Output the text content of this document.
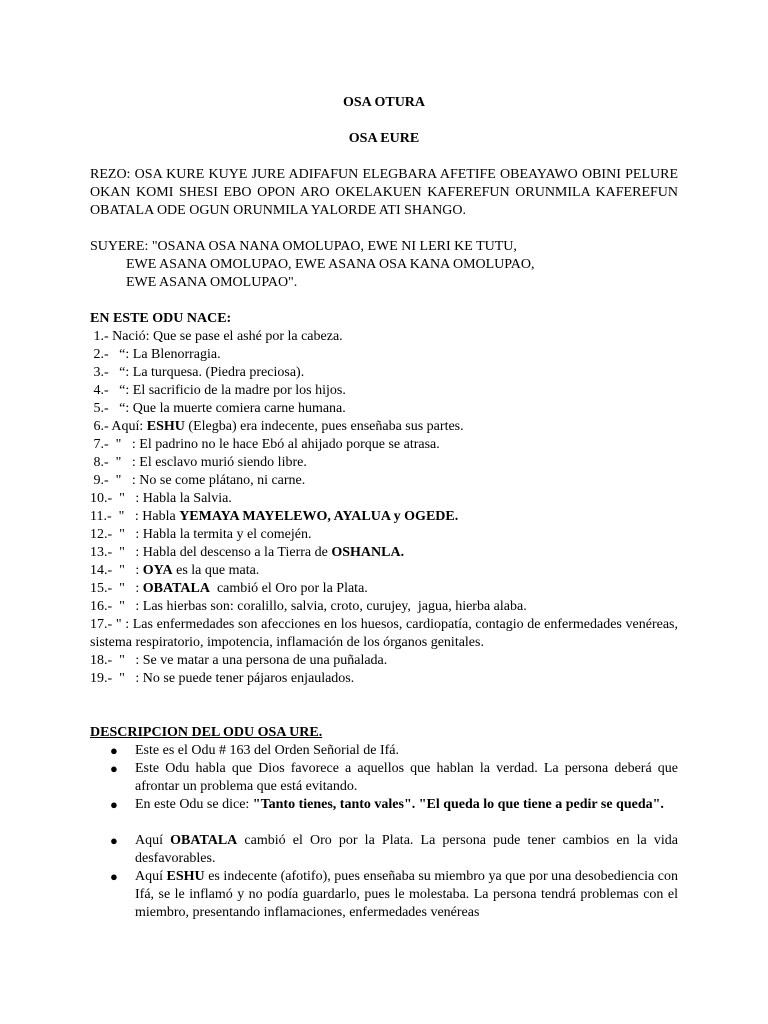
OSA OTURA
OSA EURE
REZO: OSA KURE KUYE JURE ADIFAFUN ELEGBARA AFETIFE OBEAYAWO OBINI PELURE OKAN KOMI SHESI EBO OPON ARO OKELAKUEN KAFEREFUN ORUNMILA KAFEREFUN OBATALA ODE OGUN ORUNMILA YALORDE ATI SHANGO.
SUYERE: "OSANA OSA NANA OMOLUPAO, EWE NI LERI KE TUTU,
EWE ASANA OMOLUPAO, EWE ASANA OSA KANA OMOLUPAO,
EWE ASANA OMOLUPAO".
EN ESTE ODU NACE:
1.- Nació: Que se pase el ashé por la cabeza.
2.-   “: La Blenorragia.
3.-   “: La turquesa. (Piedra preciosa).
4.-   “: El sacrificio de la madre por los hijos.
5.-   “: Que la muerte comiera carne humana.
6.- Aquí: ESHU (Elegba) era indecente, pues enseñaba sus partes.
7.-  "   : El padrino no le hace Ebó al ahijado porque se atrasa.
8.-  "   : El esclavo murió siendo libre.
9.-  "   : No se come plátano, ni carne.
10.-  "   : Habla la Salvia.
11.-  "   : Habla YEMAYA MAYELEWO, AYALUA y OGEDE.
12.-  "   : Habla la termita y el comején.
13.-  "   : Habla del descenso a la Tierra de OSHANLA.
14.-  "   : OYA es la que mata.
15.-  "   : OBATALA  cambió el Oro por la Plata.
16.-  "   : Las hierbas son: coralillo, salvia, croto, curujey,  jagua, hierba alaba.
17.- " : Las enfermedades son afecciones en los huesos, cardiopatía, contagio de enfermedades venéreas, sistema respiratorio, impotencia, inflamación de los órganos genitales.
18.-  "   : Se ve matar a una persona de una puñalada.
19.-  "   : No se puede tener pájaros enjaulados.
DESCRIPCION DEL ODU OSA URE.
● Este es el Odu # 163 del Orden Señorial de Ifá.
● Este Odu habla que Dios favorece a aquellos que hablan la verdad. La persona deberá que afrontar un problema que está evitando.
● En este Odu se dice: "Tanto tienes, tanto vales". "El queda lo que tiene a pedir se queda".
● Aquí OBATALA cambió el Oro por la Plata. La persona pude tener cambios en la vida desfavorables.
● Aquí ESHU es indecente (afotifo), pues enseñaba su miembro ya que por una desobediencia con Ifá, se le inflamó y no podía guardarlo, pues le molestaba. La persona tendrá problemas con el miembro, presentando inflamaciones, enfermedades venéreas
